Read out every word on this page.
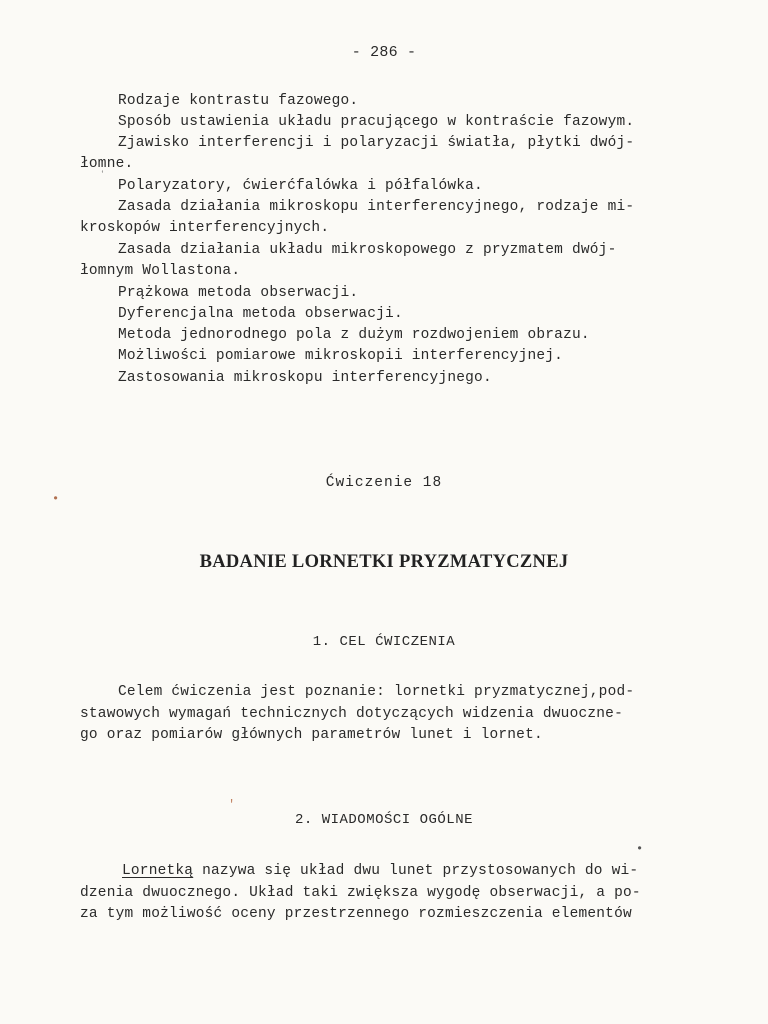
- 286 -
Rodzaje kontrastu fazowego.
Sposób ustawienia układu pracującego w kontraście fazowym.
Zjawisko interferencji i polaryzacji światła, płytki dwój-
łomne.
Polaryzatory, ćwierćfalówka i półfalówka.
Zasada działania mikroskopu interferencyjnego, rodzaje mi-
kroskopów interferencyjnych.
Zasada działania układu mikroskopowego z pryzmatem dwój-
łomnym Wollastona.
Prążkowa metoda obserwacji.
Dyferencjalna metoda obserwacji.
Metoda jednorodnego pola z dużym rozdwojeniem obrazu.
Możliwości pomiarowe mikroskopii interferencyjnej.
Zastosowania mikroskopu interferencyjnego.
ʿ
Ćwiczenie 18
BADANIE LORNETKI PRYZMATYCZNEJ
1. CEL ĆWICZENIA
Celem ćwiczenia jest poznanie: lornetki pryzmatycznej,pod-
stawowych wymagań technicznych dotyczących widzenia dwuoczne-
go oraz pomiarów głównych parametrów lunet i lornet.
2. WIADOMOŚCI OGÓLNE
Lornetką nazywa się układ dwu lunet przystosowanych do wi-
dzenia dwuocznego. Układ taki zwiększa wygodę obserwacji, a po-
za tym możliwość oceny przestrzennego rozmieszczenia elementów
•
'
•
